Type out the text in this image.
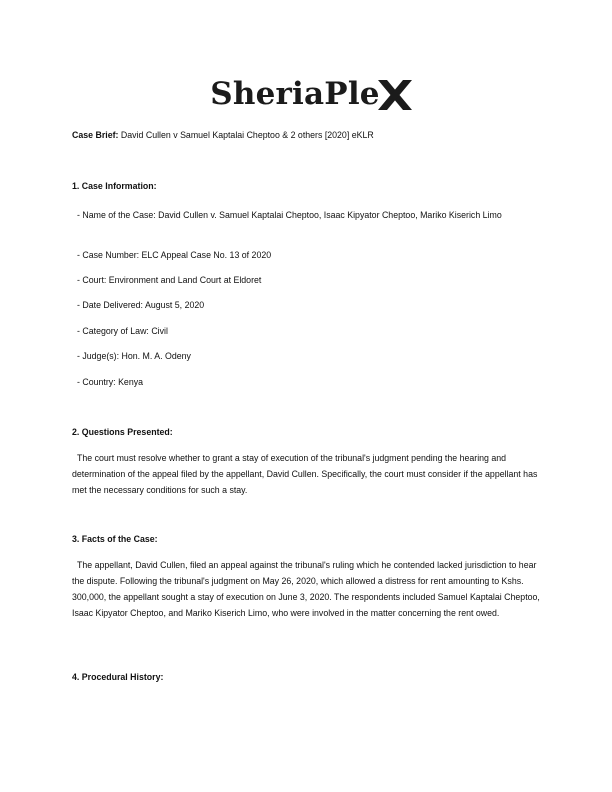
SheriaPle
Case Brief: David Cullen v Samuel Kaptalai Cheptoo & 2 others [2020] eKLR
1. Case Information:
- Name of the Case: David Cullen v. Samuel Kaptalai Cheptoo, Isaac Kipyator Cheptoo, Mariko Kiserich Limo
- Case Number: ELC Appeal Case No. 13 of 2020
- Court: Environment and Land Court at Eldoret
- Date Delivered: August 5, 2020
- Category of Law: Civil
- Judge(s): Hon. M. A. Odeny
- Country: Kenya
2. Questions Presented:
The court must resolve whether to grant a stay of execution of the tribunal's judgment pending the hearing and determination of the appeal filed by the appellant, David Cullen. Specifically, the court must consider if the appellant has met the necessary conditions for such a stay.
3. Facts of the Case:
The appellant, David Cullen, filed an appeal against the tribunal's ruling which he contended lacked jurisdiction to hear the dispute. Following the tribunal's judgment on May 26, 2020, which allowed a distress for rent amounting to Kshs. 300,000, the appellant sought a stay of execution on June 3, 2020. The respondents included Samuel Kaptalai Cheptoo, Isaac Kipyator Cheptoo, and Mariko Kiserich Limo, who were involved in the matter concerning the rent owed.
4. Procedural History:
